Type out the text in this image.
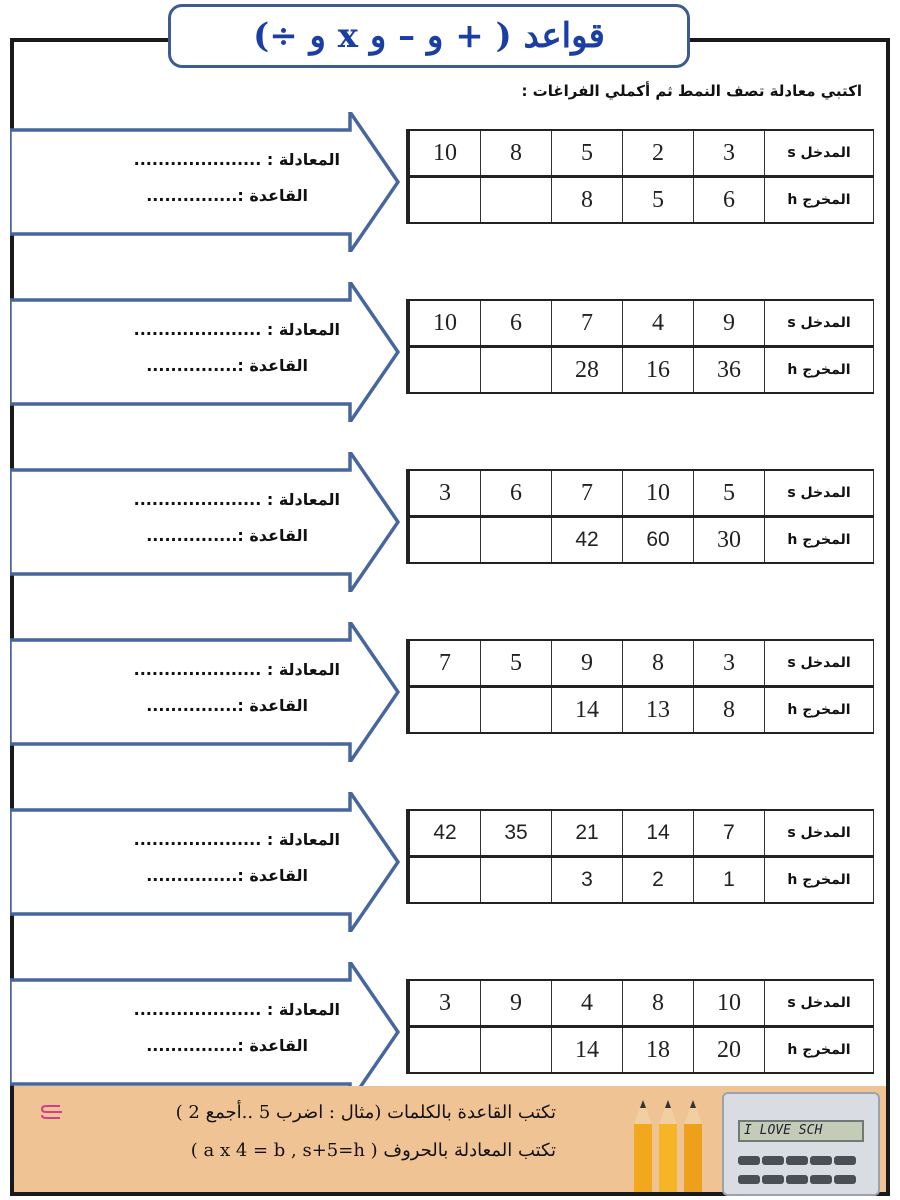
قواعد ( + و – و x و ÷)
اكتبي معادلة تصف النمط ثم أكملي الفراغات :
المعادلة : .....................
القاعدة :...............
10	8	5	2	3	المدخل s
		8	5	6	المخرج h
المعادلة : .....................
القاعدة :...............
10	6	7	4	9	المدخل s
		28	16	36	المخرج h
المعادلة : .....................
القاعدة :...............
3	6	7	10	5	المدخل s
		42	60	30	المخرج h
المعادلة : .....................
القاعدة :...............
7	5	9	8	3	المدخل s
		14	13	8	المخرج h
المعادلة : .....................
القاعدة :...............
42	35	21	14	7	المدخل s
		3	2	1	المخرج h
المعادلة : .....................
القاعدة :...............
3	9	4	8	10	المدخل s
		14	18	20	المخرج h
تكتب القاعدة بالكلمات (مثال : اضرب 5 ..أجمع 2 )
تكتب المعادلة بالحروف ( a x 4 = b , s+5=h )
I LOVE SCH
